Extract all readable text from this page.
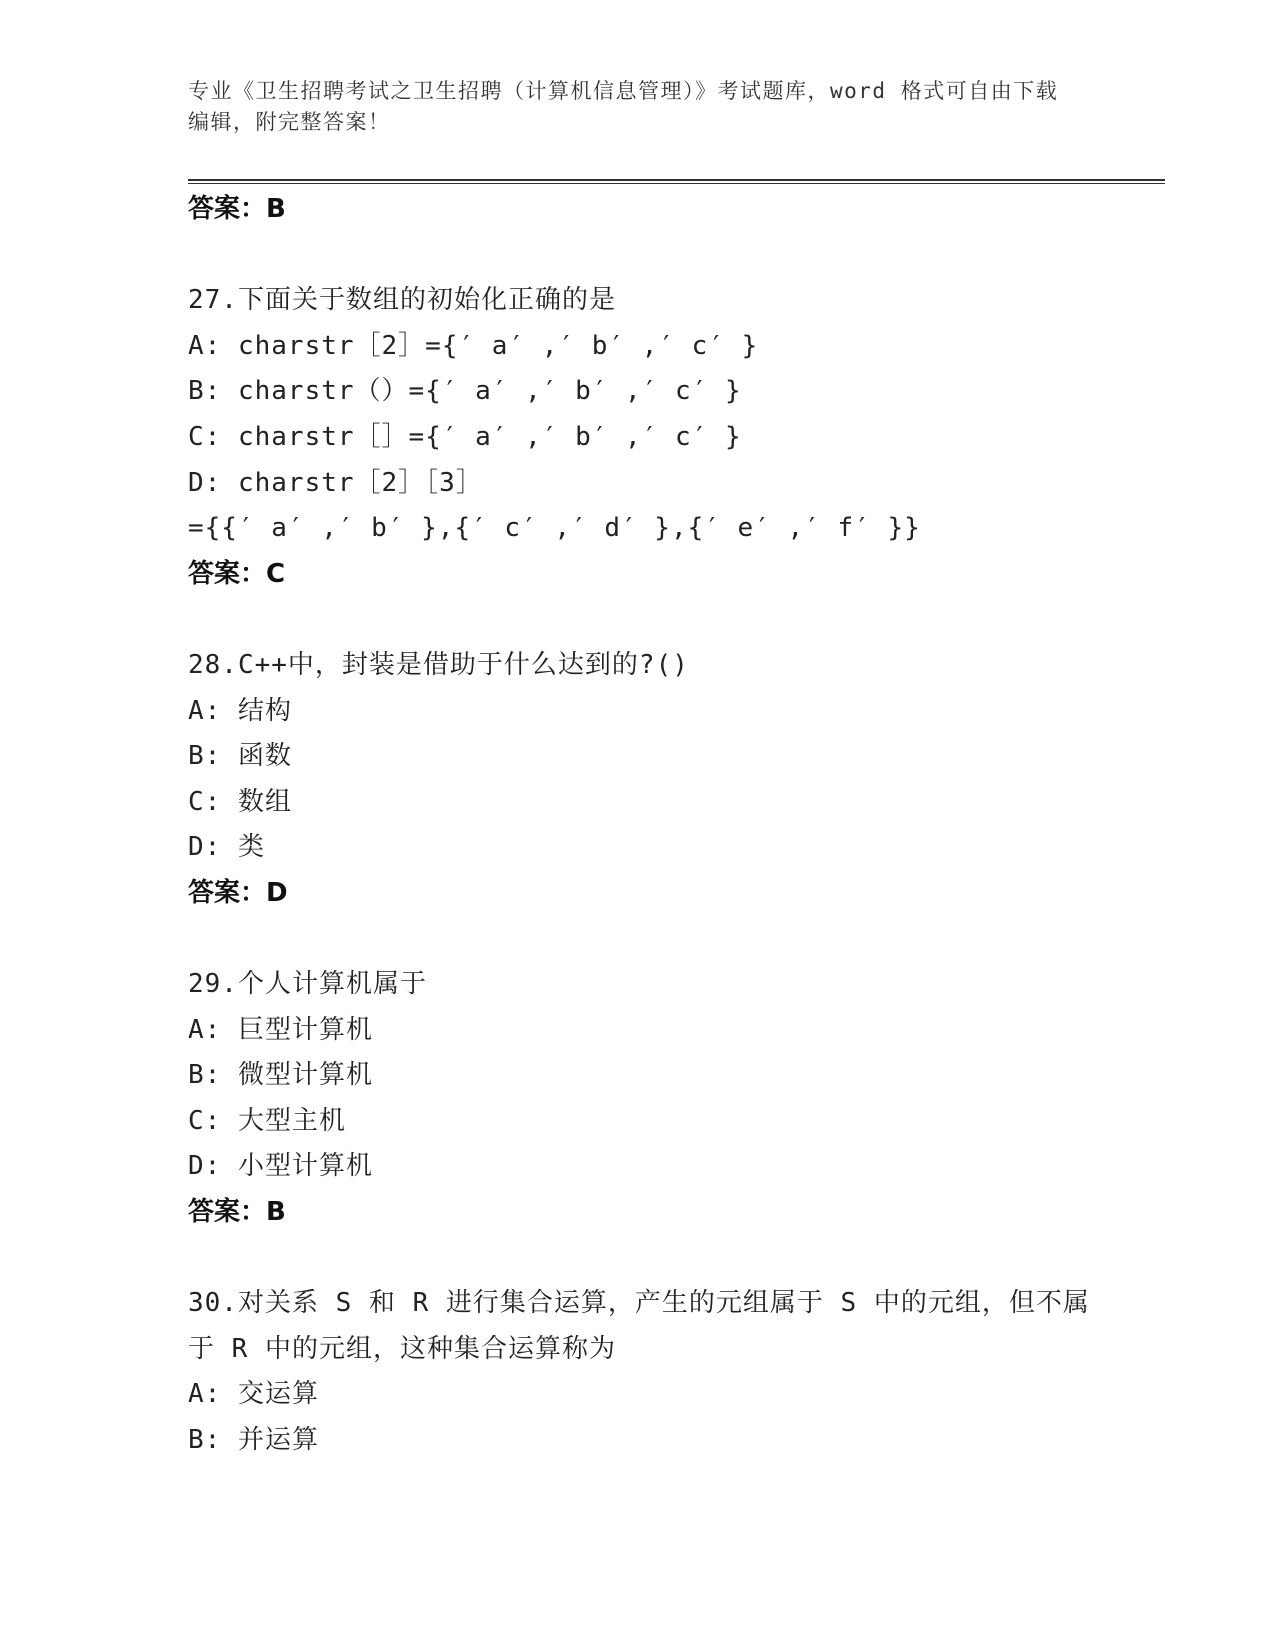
专业《卫生招聘考试之卫生招聘（计算机信息管理）》考试题库，word 格式可自由下载编辑，附完整答案！
答案：B
27.下面关于数组的初始化正确的是
A: charstr［2］={′ a′ ,′ b′ ,′ c′ }
B: charstr（）={′ a′ ,′ b′ ,′ c′ }
C: charstr［］={′ a′ ,′ b′ ,′ c′ }
D: charstr［2］［3］
={{′ a′ ,′ b′ },{′ c′ ,′ d′ },{′ e′ ,′ f′ }}
答案：C
28.C++中，封装是借助于什么达到的?()
A: 结构
B: 函数
C: 数组
D: 类
答案：D
29.个人计算机属于
A: 巨型计算机
B: 微型计算机
C: 大型主机
D: 小型计算机
答案：B
30.对关系 S 和 R 进行集合运算，产生的元组属于 S 中的元组，但不属
于 R 中的元组，这种集合运算称为
A: 交运算
B: 并运算
